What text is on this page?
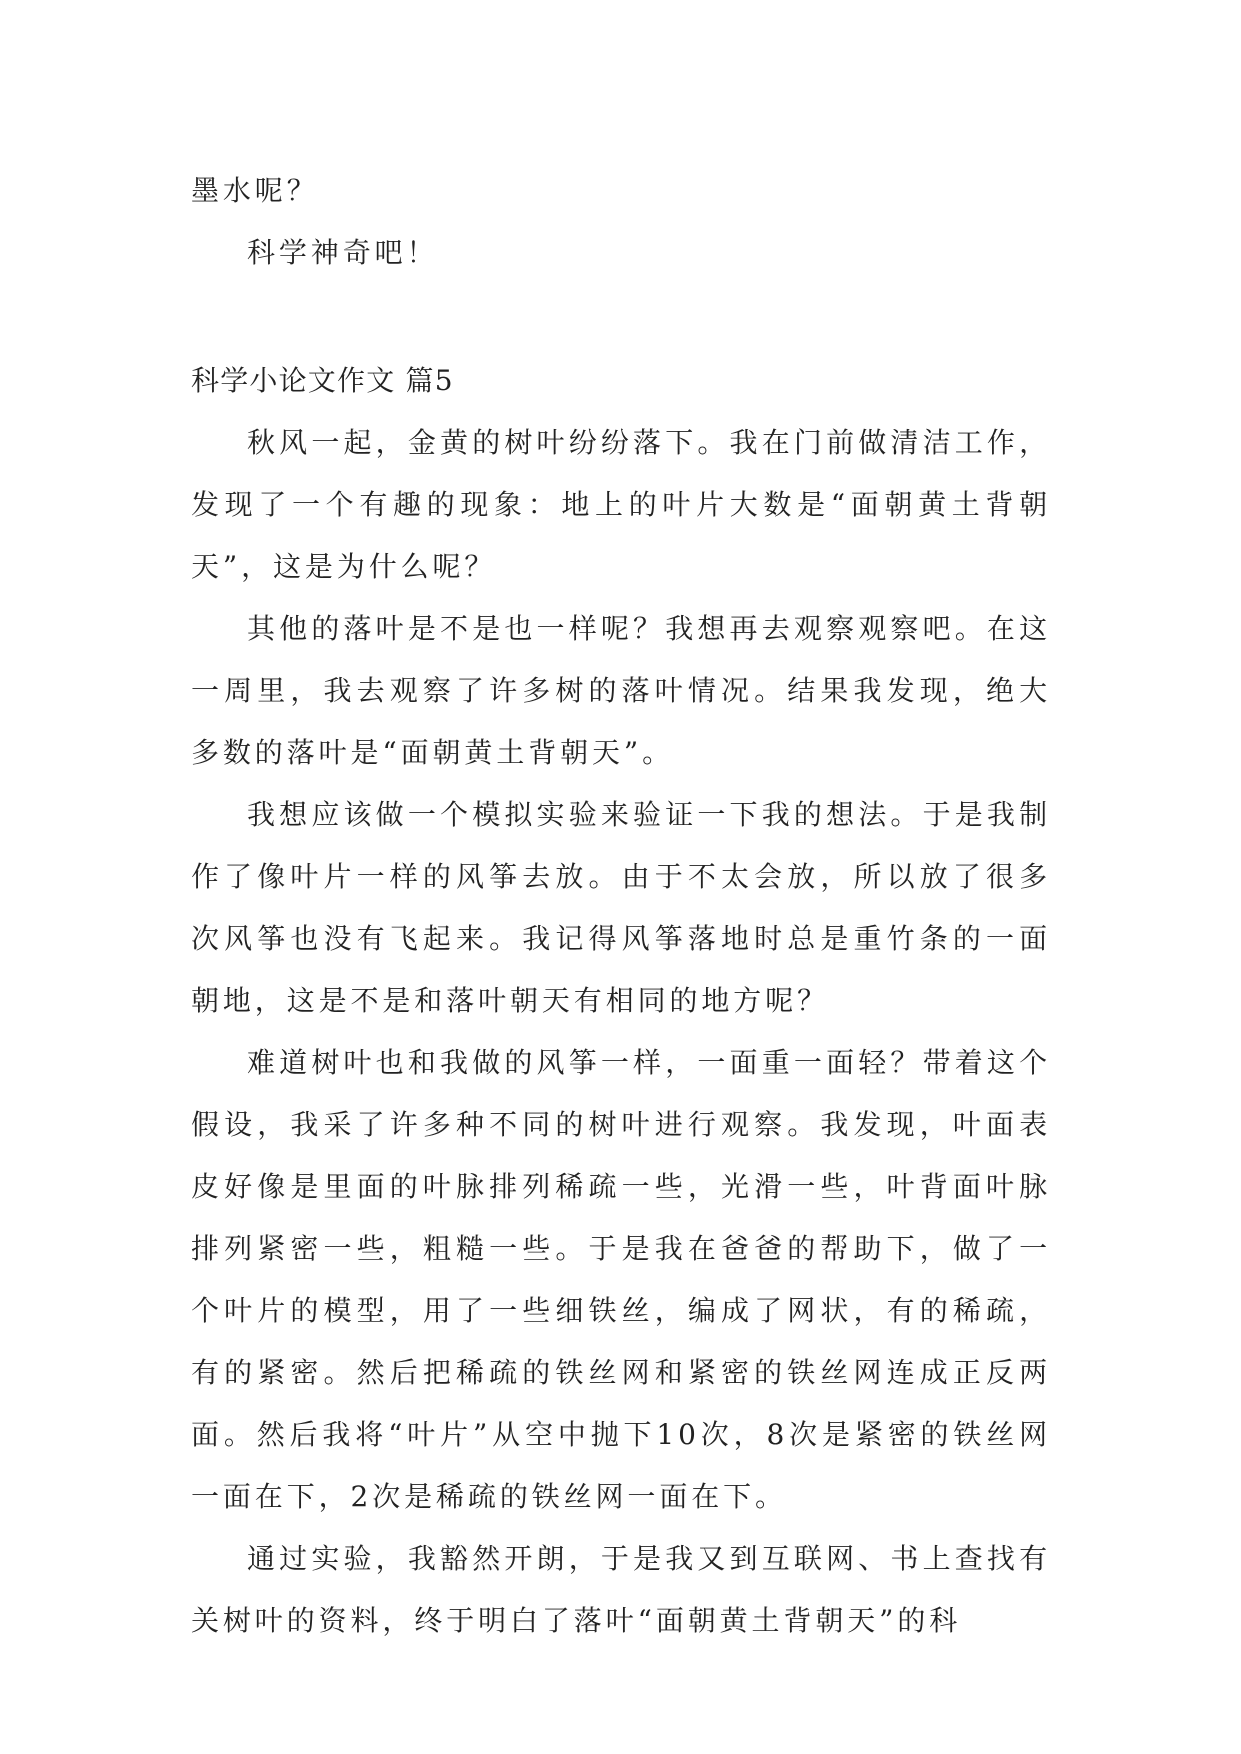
墨水呢？

科学神奇吧！

科学小论文作文 篇5

秋风一起，金黄的树叶纷纷落下。我在门前做清洁工作，发现了一个有趣的现象：地上的叶片大数是“面朝黄土背朝天”，这是为什么呢？

其他的落叶是不是也一样呢？我想再去观察观察吧。在这一周里，我去观察了许多树的落叶情况。结果我发现，绝大多数的落叶是“面朝黄土背朝天”。

我想应该做一个模拟实验来验证一下我的想法。于是我制作了像叶片一样的风筝去放。由于不太会放，所以放了很多次风筝也没有飞起来。我记得风筝落地时总是重竹条的一面朝地，这是不是和落叶朝天有相同的地方呢？

难道树叶也和我做的风筝一样，一面重一面轻？带着这个假设，我采了许多种不同的树叶进行观察。我发现，叶面表皮好像是里面的叶脉排列稀疏一些，光滑一些，叶背面叶脉排列紧密一些，粗糙一些。于是我在爸爸的帮助下，做了一个叶片的模型，用了一些细铁丝，编成了网状，有的稀疏，有的紧密。然后把稀疏的铁丝网和紧密的铁丝网连成正反两面。然后我将“叶片”从空中抛下10次，8次是紧密的铁丝网一面在下，2次是稀疏的铁丝网一面在下。

通过实验，我豁然开朗，于是我又到互联网、书上查找有关树叶的资料，终于明白了落叶“面朝黄土背朝天”的科
